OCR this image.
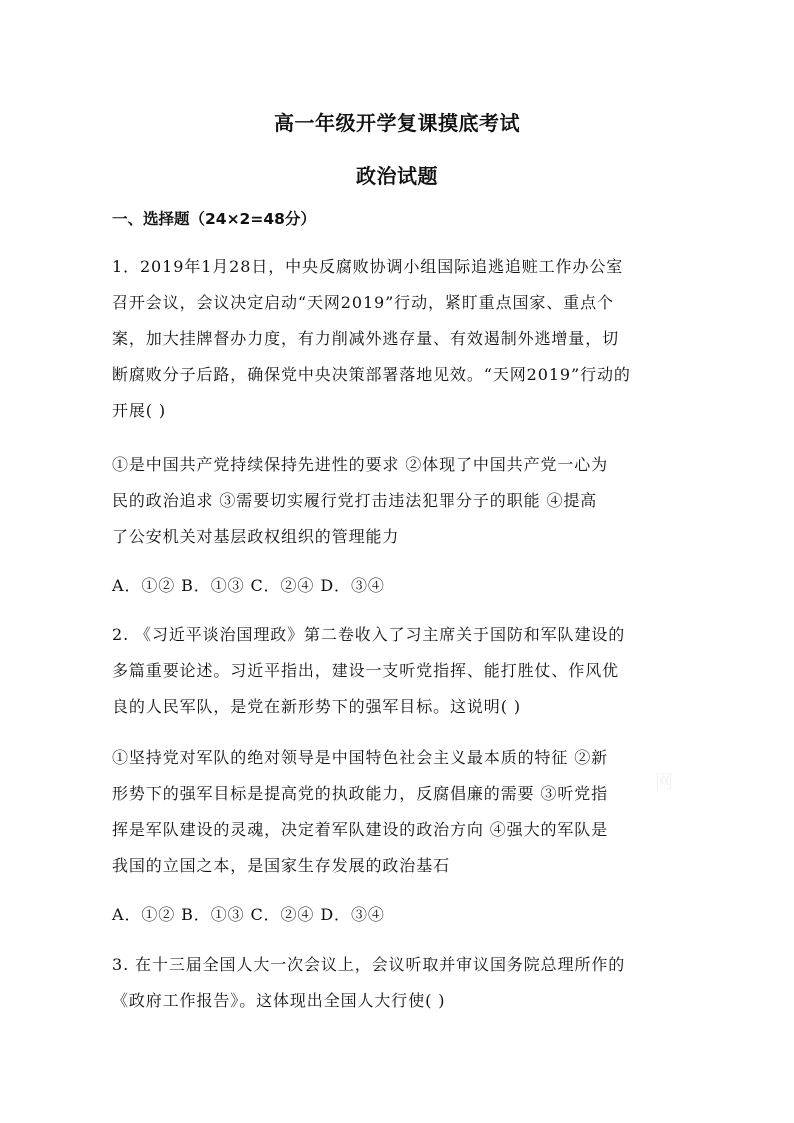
高一年级开学复课摸底考试
政治试题
一、选择题（24×2=48分）
1．2019年1月28日，中央反腐败协调小组国际追逃追赃工作办公室
召开会议，会议决定启动“天网2019”行动，紧盯重点国家、重点个
案，加大挂牌督办力度，有力削减外逃存量、有效遏制外逃增量，切
断腐败分子后路，确保党中央决策部署落地见效。“天网2019”行动的
开展( )
①是中国共产党持续保持先进性的要求 ②体现了中国共产党一心为
民的政治追求 ③需要切实履行党打击违法犯罪分子的职能 ④提高
了公安机关对基层政权组织的管理能力
A．①② B．①③ C．②④ D．③④
2. 《习近平谈治国理政》第二卷收入了习主席关于国防和军队建设的
多篇重要论述。习近平指出，建设一支听党指挥、能打胜仗、作风优
良的人民军队，是党在新形势下的强军目标。这说明( )
①坚持党对军队的绝对领导是中国特色社会主义最本质的特征 ②新
形势下的强军目标是提高党的执政能力，反腐倡廉的需要 ③听党指
挥是军队建设的灵魂，决定着军队建设的政治方向 ④强大的军队是
我国的立国之本，是国家生存发展的政治基石
A．①② B．①③ C．②④ D．③④
3. 在十三届全国人大一次会议上，会议听取并审议国务院总理所作的
《政府工作报告》。这体现出全国人大行使( )
网
